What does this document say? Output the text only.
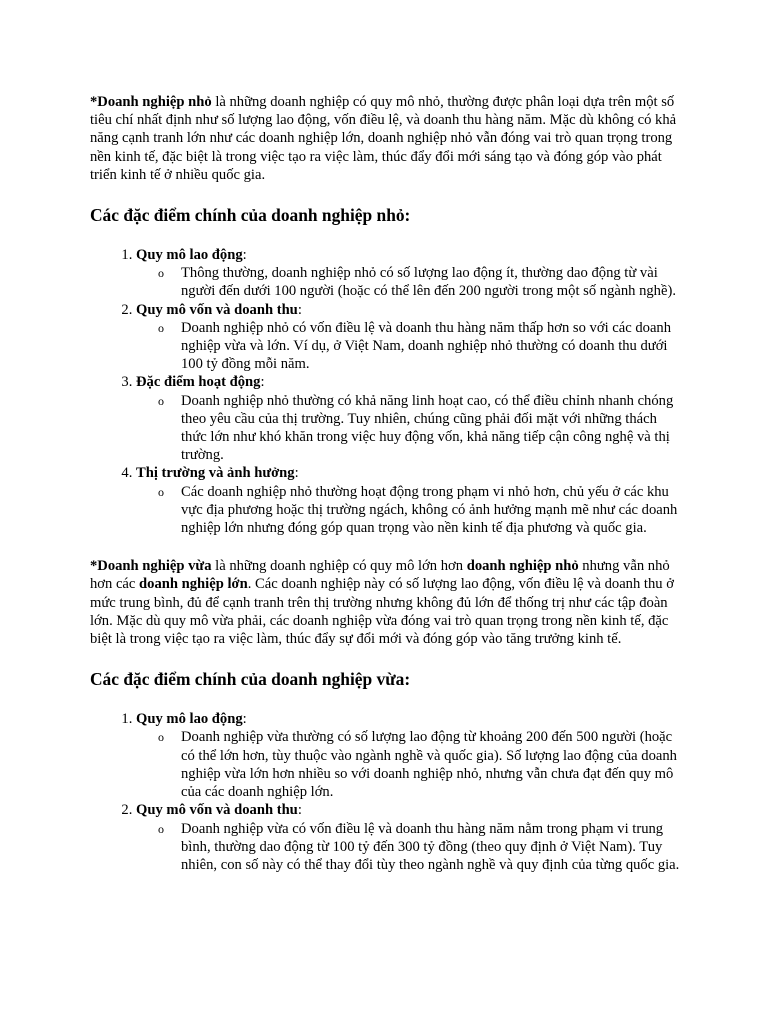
*Doanh nghiệp nhỏ là những doanh nghiệp có quy mô nhỏ, thường được phân loại dựa trên một số tiêu chí nhất định như số lượng lao động, vốn điều lệ, và doanh thu hàng năm. Mặc dù không có khả năng cạnh tranh lớn như các doanh nghiệp lớn, doanh nghiệp nhỏ vẫn đóng vai trò quan trọng trong nền kinh tế, đặc biệt là trong việc tạo ra việc làm, thúc đẩy đổi mới sáng tạo và đóng góp vào phát triển kinh tế ở nhiều quốc gia.

Các đặc điểm chính của doanh nghiệp nhỏ:
1. Quy mô lao động:
o Thông thường, doanh nghiệp nhỏ có số lượng lao động ít, thường dao động từ vài người đến dưới 100 người (hoặc có thể lên đến 200 người trong một số ngành nghề).
2. Quy mô vốn và doanh thu:
o Doanh nghiệp nhỏ có vốn điều lệ và doanh thu hàng năm thấp hơn so với các doanh nghiệp vừa và lớn. Ví dụ, ở Việt Nam, doanh nghiệp nhỏ thường có doanh thu dưới 100 tỷ đồng mỗi năm.
3. Đặc điểm hoạt động:
o Doanh nghiệp nhỏ thường có khả năng linh hoạt cao, có thể điều chỉnh nhanh chóng theo yêu cầu của thị trường. Tuy nhiên, chúng cũng phải đối mặt với những thách thức lớn như khó khăn trong việc huy động vốn, khả năng tiếp cận công nghệ và thị trường.
4. Thị trường và ảnh hưởng:
o Các doanh nghiệp nhỏ thường hoạt động trong phạm vi nhỏ hơn, chủ yếu ở các khu vực địa phương hoặc thị trường ngách, không có ảnh hưởng mạnh mẽ như các doanh nghiệp lớn nhưng đóng góp quan trọng vào nền kinh tế địa phương và quốc gia.

*Doanh nghiệp vừa là những doanh nghiệp có quy mô lớn hơn doanh nghiệp nhỏ nhưng vẫn nhỏ hơn các doanh nghiệp lớn. Các doanh nghiệp này có số lượng lao động, vốn điều lệ và doanh thu ở mức trung bình, đủ để cạnh tranh trên thị trường nhưng không đủ lớn để thống trị như các tập đoàn lớn. Mặc dù quy mô vừa phải, các doanh nghiệp vừa đóng vai trò quan trọng trong nền kinh tế, đặc biệt là trong việc tạo ra việc làm, thúc đẩy sự đổi mới và đóng góp vào tăng trưởng kinh tế.

Các đặc điểm chính của doanh nghiệp vừa:
1. Quy mô lao động:
o Doanh nghiệp vừa thường có số lượng lao động từ khoảng 200 đến 500 người (hoặc có thể lớn hơn, tùy thuộc vào ngành nghề và quốc gia). Số lượng lao động của doanh nghiệp vừa lớn hơn nhiều so với doanh nghiệp nhỏ, nhưng vẫn chưa đạt đến quy mô của các doanh nghiệp lớn.
2. Quy mô vốn và doanh thu:
o Doanh nghiệp vừa có vốn điều lệ và doanh thu hàng năm nằm trong phạm vi trung bình, thường dao động từ 100 tỷ đến 300 tỷ đồng (theo quy định ở Việt Nam). Tuy nhiên, con số này có thể thay đổi tùy theo ngành nghề và quy định của từng quốc gia.
